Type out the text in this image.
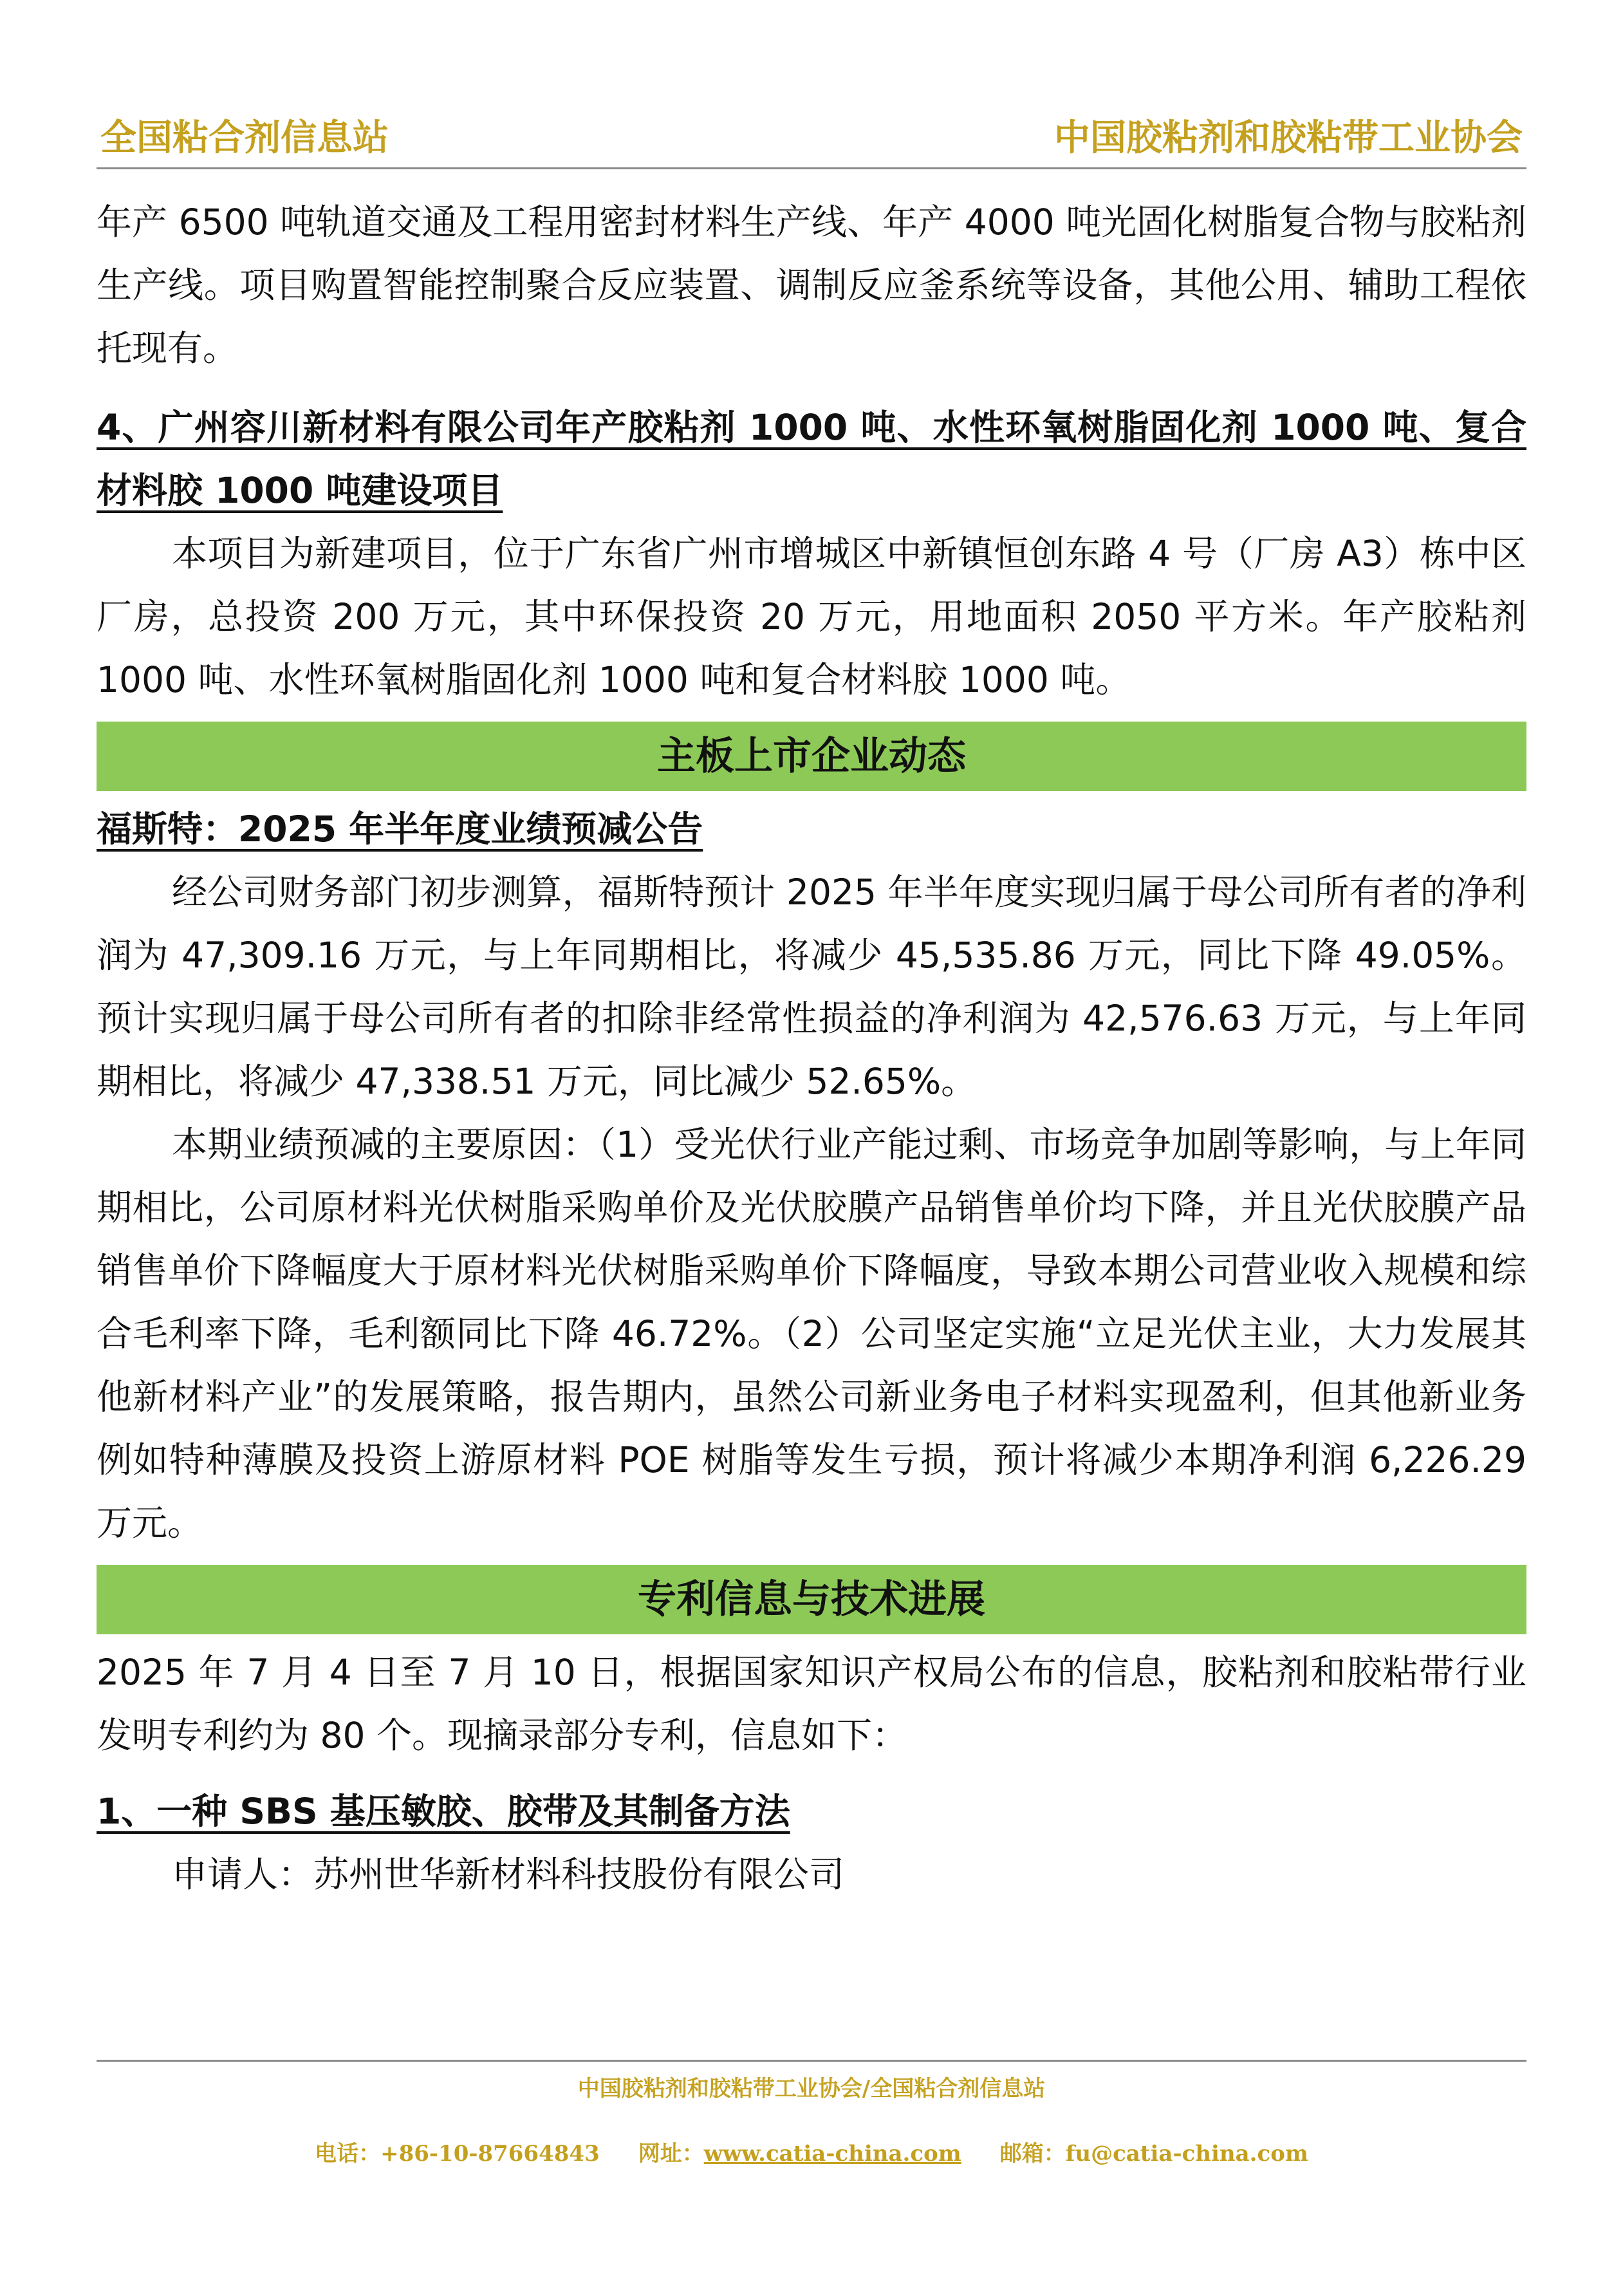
全国粘合剂信息站	中国胶粘剂和胶粘带工业协会

年产 6500 吨轨道交通及工程用密封材料生产线、年产 4000 吨光固化树脂复合物与胶粘剂生产线。项目购置智能控制聚合反应装置、调制反应釜系统等设备，其他公用、辅助工程依托现有。

4、广州容川新材料有限公司年产胶粘剂 1000 吨、水性环氧树脂固化剂 1000 吨、复合材料胶 1000 吨建设项目

本项目为新建项目，位于广东省广州市增城区中新镇恒创东路 4 号（厂房 A3）栋中区厂房，总投资 200 万元，其中环保投资 20 万元，用地面积 2050 平方米。年产胶粘剂 1000 吨、水性环氧树脂固化剂 1000 吨和复合材料胶 1000 吨。

主板上市企业动态

福斯特：2025 年半年度业绩预减公告

经公司财务部门初步测算，福斯特预计 2025 年半年度实现归属于母公司所有者的净利润为 47,309.16 万元，与上年同期相比，将减少 45,535.86 万元，同比下降 49.05%。预计实现归属于母公司所有者的扣除非经常性损益的净利润为 42,576.63 万元，与上年同期相比，将减少 47,338.51 万元，同比减少 52.65%。

本期业绩预减的主要原因：（1）受光伏行业产能过剩、市场竞争加剧等影响，与上年同期相比，公司原材料光伏树脂采购单价及光伏胶膜产品销售单价均下降，并且光伏胶膜产品销售单价下降幅度大于原材料光伏树脂采购单价下降幅度，导致本期公司营业收入规模和综合毛利率下降，毛利额同比下降 46.72%。（2）公司坚定实施“立足光伏主业，大力发展其他新材料产业”的发展策略，报告期内，虽然公司新业务电子材料实现盈利，但其他新业务例如特种薄膜及投资上游原材料 POE 树脂等发生亏损，预计将减少本期净利润 6,226.29 万元。

专利信息与技术进展

2025 年 7 月 4 日至 7 月 10 日，根据国家知识产权局公布的信息，胶粘剂和胶粘带行业发明专利约为 80 个。现摘录部分专利，信息如下：

1、一种 SBS 基压敏胶、胶带及其制备方法

申请人：苏州世华新材料科技股份有限公司

中国胶粘剂和胶粘带工业协会/全国粘合剂信息站
电话：+86-10-87664843 网址：www.catia-china.com 邮箱：fu@catia-china.com
